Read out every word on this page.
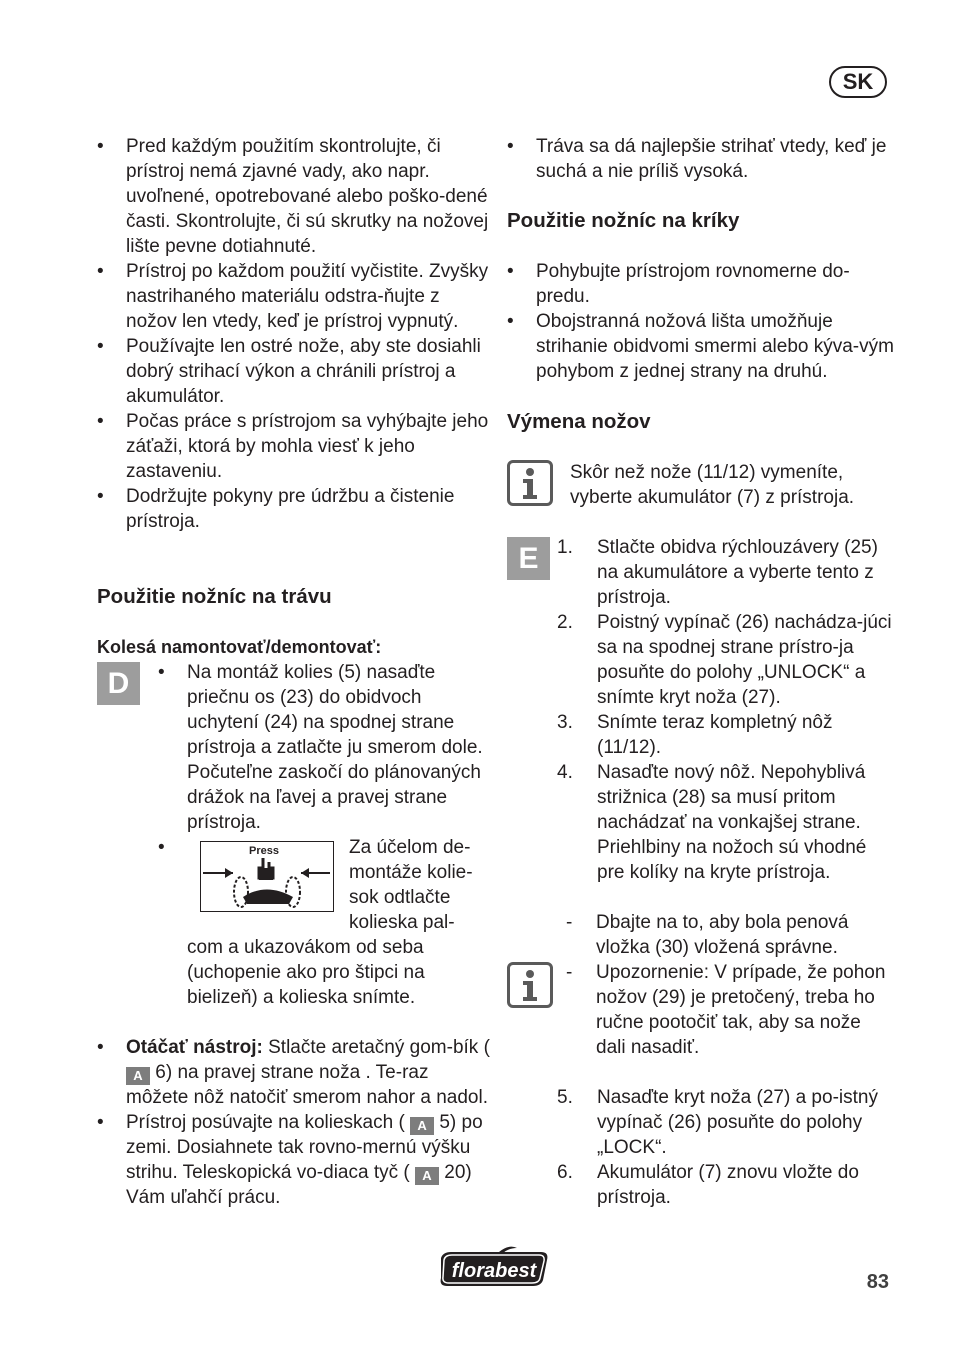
SK

• Pred každým použitím skontrolujte, či prístroj nemá zjavné vady, ako napr. uvoľnené, opotrebované alebo poško-dené časti. Skontrolujte, či sú skrutky na nožovej lište pevne dotiahnuté.

• Prístroj po každom použití vyčistite. Zvyšky nastrihaného materiálu odstra-ňujte z nožov len vtedy, keď je prístroj vypnutý.

• Používajte len ostré nože, aby ste dosiahli dobrý strihací výkon a chránili prístroj a akumulátor.

• Počas práce s prístrojom sa vyhýbajte jeho záťaži, ktorá by mohla viesť k jeho zastaveniu.

• Dodržujte pokyny pre údržbu a čistenie prístroja.

Použitie nožníc na trávu

Kolesá namontovať/demontovať:

D	• Na montáž kolies (5) nasaďte priečnu os (23) do obidvoch uchytení (24) na spodnej strane prístroja a zatlačte ju smerom dole. Počuteľne zaskočí do plánovaných drážok na ľavej a pravej strane prístroja.

•	Press	Za účelom de-montáže kolie-sok odtlačte kolieska pal-
com a ukazovákom od seba (uchopenie ako pro štipci na bielizeň) a kolieska snímte.

• Otáčať nástroj: Stlačte aretačný gom-bík ( A 6) na pravej strane noža . Te-raz môžete nôž natočiť smerom nahor a nadol.

• Prístroj posúvajte na kolieskach ( A 5) po zemi. Dosiahnete tak rovno-mernú výšku strihu. Teleskopická vo-diaca tyč ( A 20) Vám uľahčí prácu.

• Tráva sa dá najlepšie strihať vtedy, keď je suchá a nie príliš vysoká.

Použitie nožníc na kríky

• Pohybujte prístrojom rovnomerne do-predu.

• Obojstranná nožová lišta umožňuje strihanie obidvomi smermi alebo kýva-vým pohybom z jednej strany na druhú.

Výmena nožov

Skôr než nože (11/12) vymeníte, vyberte akumulátor (7) z prístroja.
E 1. Stlačte obidva rýchlouzávery (25) na akumulátore a vyberte tento z prístroja.
2. Poistný vypínač (26) nachádza-júci sa na spodnej strane prístro-ja posuňte do polohy „UNLOCK“ a snímte kryt noža (27).
3. Snímte teraz kompletný nôž (11/12).
4. Nasaďte nový nôž. Nepohyblivá strižnica (28) sa musí pritom nachádzať na vonkajšej strane. Priehlbiny na nožoch sú vhodné pre kolíky na kryte prístroja.
-	Dbajte na to, aby bola penová vložka (30) vložená správne.
-	Upozornenie: V prípade, že pohon nožov (29) je pretočený, treba ho ručne pootočiť tak, aby sa nože dali nasadiť.
5. Nasaďte kryt noža (27) a po-istný vypínač (26) posuňte do polohy „LOCK“.
6. Akumulátor (7) znovu vložte do prístroja.
florabest	83
